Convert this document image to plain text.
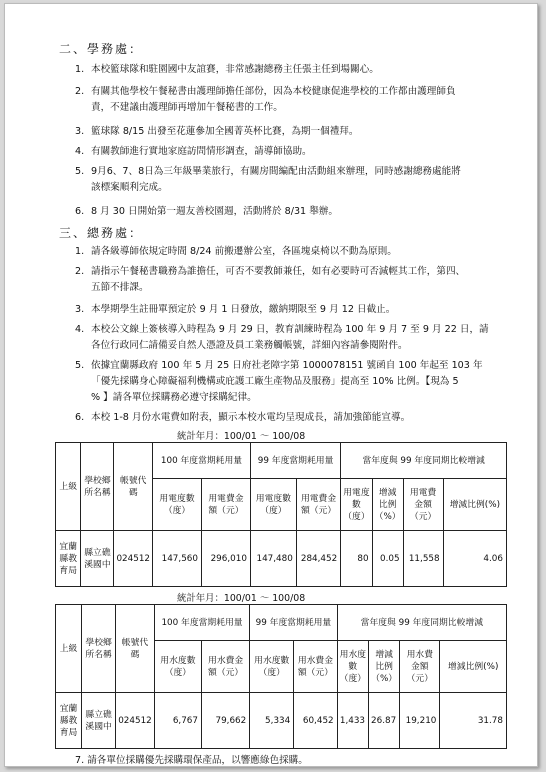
二、學務處：
1. 本校籃球隊和駐園國中友誼賽，非常感謝總務主任張主任到場關心。
2. 有關其他學校午餐秘書由護理師擔任部份，因為本校健康促進學校的工作都由護理師負
責，不建議由護理師再增加午餐秘書的工作。
3. 籃球隊 8/15 出發至花蓮參加全國菁英杯比賽，為期一個禮拜。
4. 有關教師進行實地家庭訪問情形調查，請導師協助。
5. 9月6、7、8日為三年級畢業旅行，有關房間編配由活動組來辦理，同時感謝總務處能將
該標案順利完成。
6. 8 月 30 日開始第一週友善校園週，活動將於 8/31 舉辦。
三、總務處：
1. 請各級導師依規定時間 8/24 前搬遷辦公室，各區塊桌椅以不動為原則。
2. 請指示午餐秘書職務為誰擔任，可否不要教師兼任，如有必要時可否減輕其工作，第四、
五節不排課。
3. 本學期學生註冊單預定於 9 月 1 日發放，繳納期限至 9 月 12 日截止。
4. 本校公文線上簽核導入時程為 9 月 29 日，教育訓練時程為 100 年 9 月 7 至 9 月 22 日，請
各位行政同仁請備妥自然人憑證及員工業務觸帳號，詳細內容請參閱附件。
5. 依據宜蘭縣政府 100 年 5 月 25 日府社老障字第 1000078151 號函自 100 年起至 103 年
「優先採購身心障礙福利機構或庇護工廠生產物品及服務」提高至 10% 比例。【現為 5
% 】請各單位採購務必遵守採購紀律。
6. 本校 1-8 月份水電費如附表，顯示本校水電均呈現成長，請加強節能宣導。
統計年月：100/01 ～ 100/08
上級	學校鄉所名稱	帳號代碼	100 年度當期耗用量		99 年度當期耗用量		當年度與 99 年度同期比較增減			
			用電度數（度）	用電費金額（元）	用電度數（度）	用電費金額（元）	用電度數（度）	增減比例（%）	用電費金額（元）	增減比例(%)
宜蘭縣教育局	縣立礁溪國中	024512	147,560	296,010	147,480	284,452	80	0.05	11,558	4.06
統計年月：100/01 ～ 100/08
上級	學校鄉所名稱	帳號代碼	100 年度當期耗用量		99 年度當期耗用量		當年度與 99 年度同期比較增減			
			用水度數（度）	用水費金額（元）	用水度數（度）	用水費金額（元）	用水度數（度）	增減比例（%）	用水費金額（元）	增減比例(%)
宜蘭縣教育局	縣立礁溪國中	024512	6,767	79,662	5,334	60,452	1,433	26.87	19,210	31.78
7. 請各單位採購優先採購環保產品，以響應綠色採購。
